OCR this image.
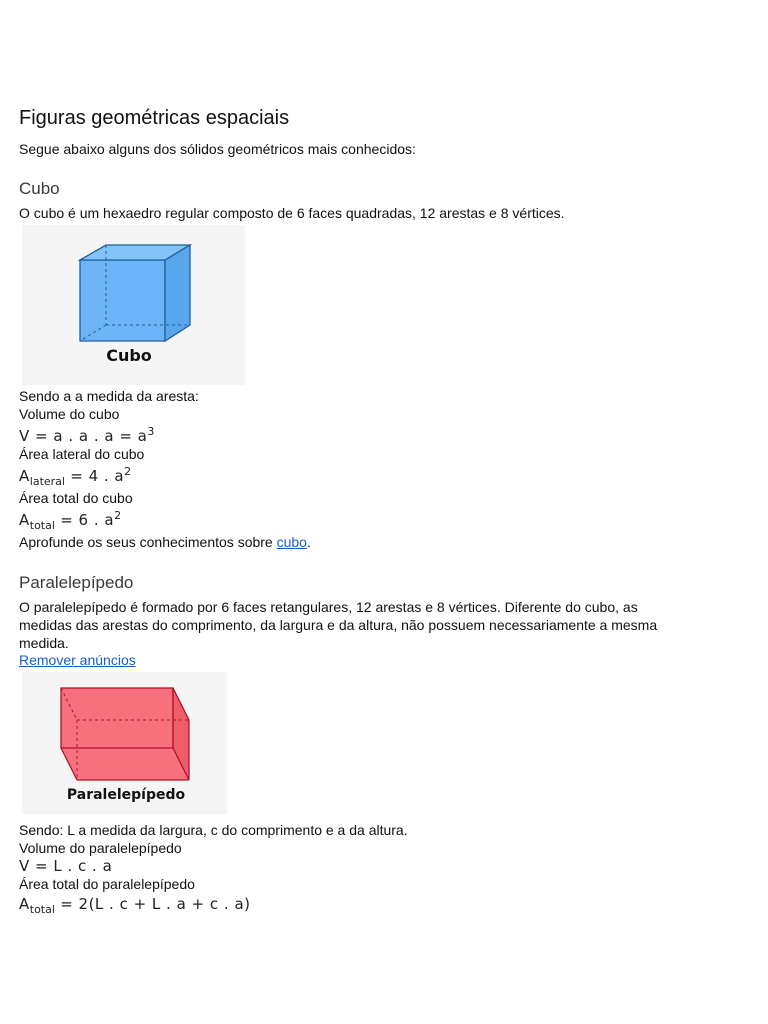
Figuras geométricas espaciais

Segue abaixo alguns dos sólidos geométricos mais conhecidos:

Cubo

O cubo é um hexaedro regular composto de 6 faces quadradas, 12 arestas e 8 vértices.

Cubo

Sendo a a medida da aresta:

Volume do cubo

V = a . a . $a = a^3$

Área lateral do cubo

$A_{lateral} = 4$ . $a^2$

Área total do cubo

$A_{total} = 6$ . $a^2$

Aprofunde os seus conhecimentos sobre cubo.

Paralelepípedo

O paralelepípedo é formado por 6 faces retangulares, 12 arestas e 8 vértices. Diferente do cubo, as medidas das arestas do comprimento, da largura e da altura, não possuem necessariamente a mesma medida.

Remover anúncios

Paralelepípedo

Sendo: L a medida da largura, c do comprimento e a da altura.

Volume do paralelepípedo

V = L . c . a

Área total do paralelepípedo

$A_{total} = 2(L$ . c + L . a + c . a)
